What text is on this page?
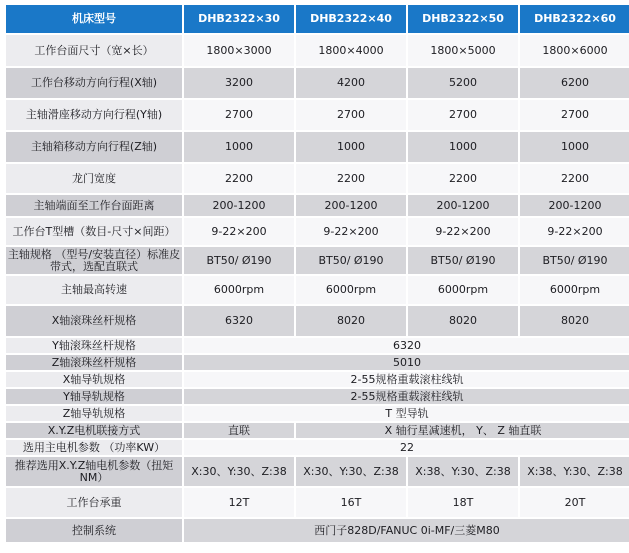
机床型号	DHB2322×30	DHB2322×40	DHB2322×50	DHB2322×60
工作台面尺寸（宽×长）	1800×3000	1800×4000	1800×5000	1800×6000
工作台移动方向行程(X轴)	3200	4200	5200	6200
主轴滑座移动方向行程(Y轴)	2700	2700	2700	2700
主轴箱移动方向行程(Z轴)	1000	1000	1000	1000
龙门宽度	2200	2200	2200	2200
主轴端面至工作台面距离	200-1200	200-1200	200-1200	200-1200
工作台T型槽（数目-尺寸×间距）	9-22×200	9-22×200	9-22×200	9-22×200
主轴规格 （型号/安装直径）标准皮带式，选配直联式	BT50/ Ø190	BT50/ Ø190	BT50/ Ø190	BT50/ Ø190
主轴最高转速	6000rpm	6000rpm	6000rpm	6000rpm
X轴滚珠丝杆规格	6320	8020	8020	8020
Y轴滚珠丝杆规格	6320			
Z轴滚珠丝杆规格	5010			
X轴导轨规格	2-55规格重载滚柱线轨			
Y轴导轨规格	2-55规格重载滚柱线轨			
Z轴导轨规格	T 型导轨			
X.Y.Z电机联接方式	直联	X 轴行星减速机， Y、 Z 轴直联		
选用主电机参数 （功率KW）	22			
推荐选用X.Y.Z轴电机参数（扭矩NM）	X:30、Y:30、Z:38	X:30、Y:30、Z:38	X:38、Y:30、Z:38	X:38、Y:30、Z:38
工作台承重	12T	16T	18T	20T
控制系统	西门子828D/FANUC 0i-MF/三菱M80			
